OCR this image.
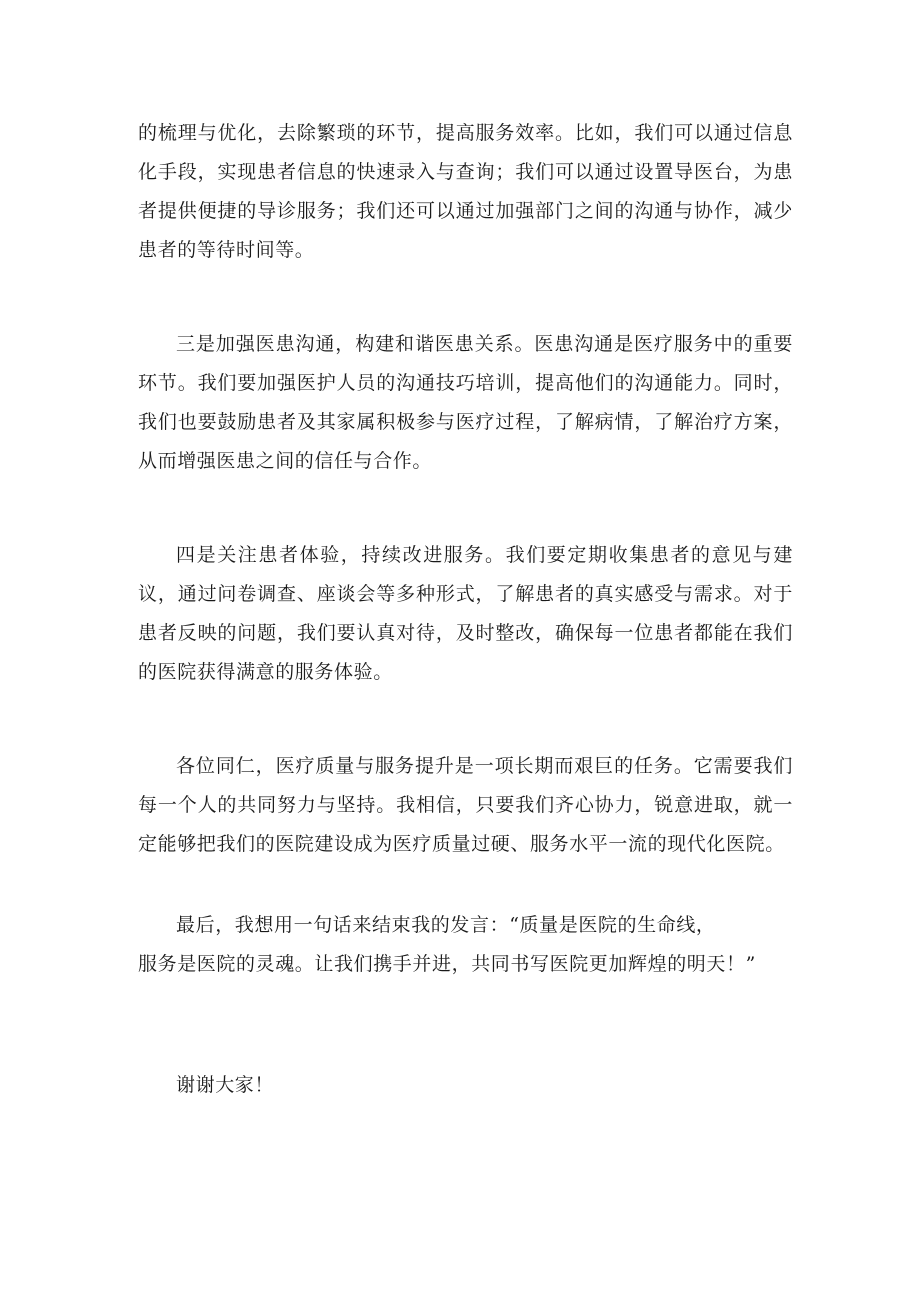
的梳理与优化，去除繁琐的环节，提高服务效率。比如，我们可以通过信息化手段，实现患者信息的快速录入与查询；我们可以通过设置导医台，为患者提供便捷的导诊服务；我们还可以通过加强部门之间的沟通与协作，减少患者的等待时间等。
三是加强医患沟通，构建和谐医患关系。医患沟通是医疗服务中的重要环节。我们要加强医护人员的沟通技巧培训，提高他们的沟通能力。同时，我们也要鼓励患者及其家属积极参与医疗过程，了解病情，了解治疗方案，从而增强医患之间的信任与合作。
四是关注患者体验，持续改进服务。我们要定期收集患者的意见与建议，通过问卷调查、座谈会等多种形式，了解患者的真实感受与需求。对于患者反映的问题，我们要认真对待，及时整改，确保每一位患者都能在我们的医院获得满意的服务体验。
各位同仁，医疗质量与服务提升是一项长期而艰巨的任务。它需要我们每一个人的共同努力与坚持。我相信，只要我们齐心协力，锐意进取，就一定能够把我们的医院建设成为医疗质量过硬、服务水平一流的现代化医院。
最后，我想用一句话来结束我的发言：“质量是医院的生命线，
服务是医院的灵魂。让我们携手并进，共同书写医院更加辉煌的明天！”
谢谢大家！
